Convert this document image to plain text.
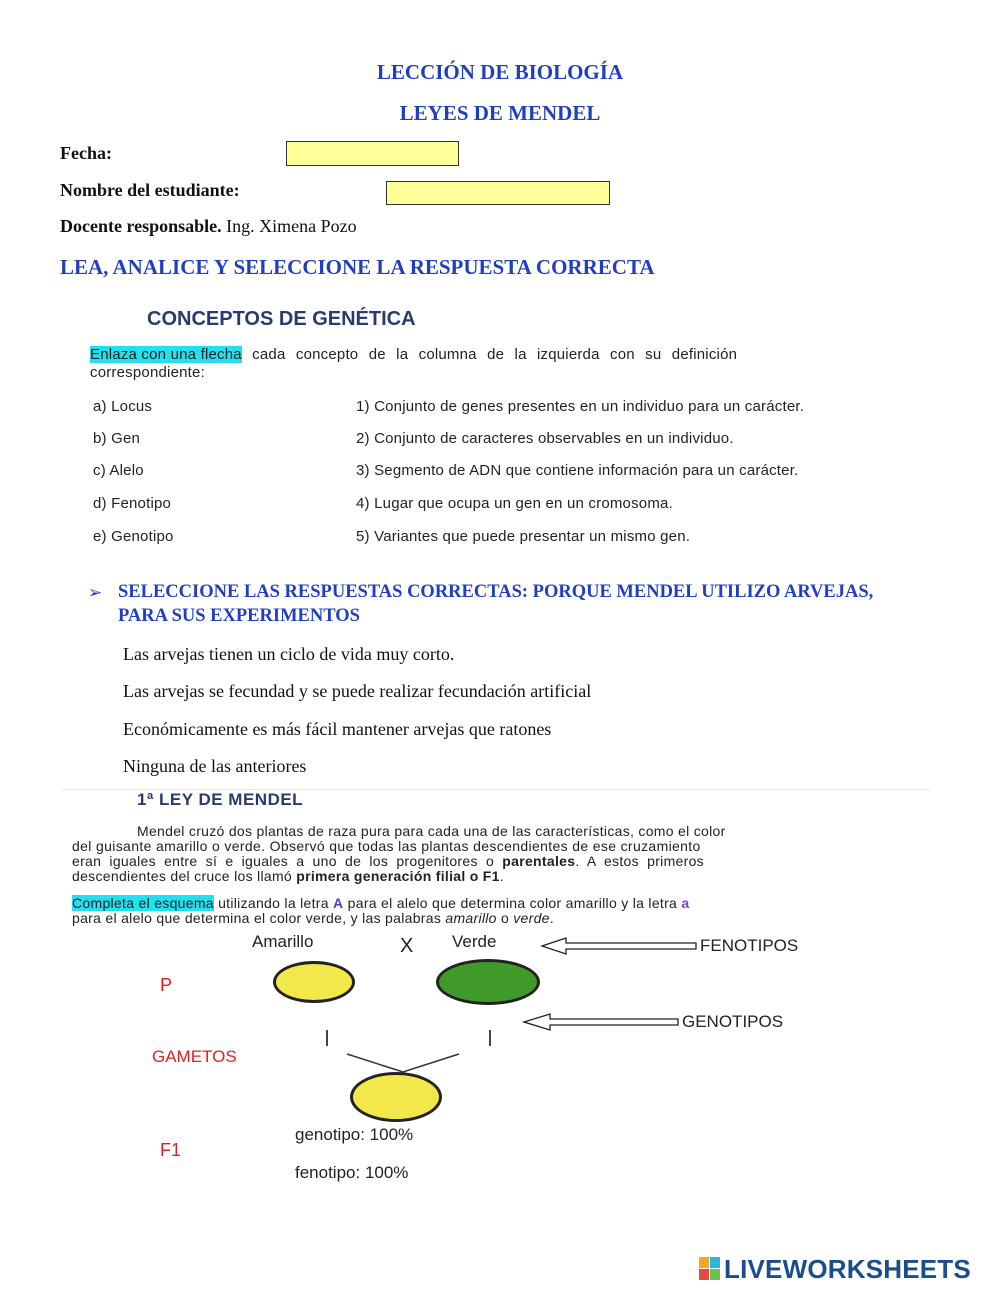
LECCIÓN DE BIOLOGÍA
LEYES DE MENDEL
Fecha:
Nombre del estudiante:
Docente responsable. Ing. Ximena Pozo
LEA, ANALICE Y SELECCIONE LA RESPUESTA CORRECTA
CONCEPTOS DE GENÉTICA
Enlaza con una flecha cada concepto de la columna de la izquierda con su definición
correspondiente:
a) Locus
b) Gen
c) Alelo
d) Fenotipo
e) Genotipo
1) Conjunto de genes presentes en un individuo para un carácter.
2) Conjunto de caracteres observables en un individuo.
3) Segmento de ADN que contiene información para un carácter.
4) Lugar que ocupa un gen en un cromosoma.
5) Variantes que puede presentar un mismo gen.
➢ SELECCIONE LAS RESPUESTAS CORRECTAS: PORQUE MENDEL UTILIZO ARVEJAS,
PARA SUS EXPERIMENTOS
Las arvejas tienen un ciclo de vida muy corto.
Las arvejas se fecundad y se puede realizar fecundación artificial
Económicamente es más fácil mantener arvejas que ratones
Ninguna de las anteriores
1ª LEY DE MENDEL
Mendel cruzó dos plantas de raza pura para cada una de las características, como el color
del guisante amarillo o verde. Observó que todas las plantas descendientes de ese cruzamiento
eran iguales entre sí e iguales a uno de los progenitores o parentales. A estos primeros
descendientes del cruce los llamó primera generación filial o F1.
Completa el esquema utilizando la letra A para el alelo que determina color amarillo y la letra a
para el alelo que determina el color verde, y las palabras amarillo o verde.
Amarillo	X Verde	FENOTIPOS
P
GENOTIPOS
GAMETOS
genotipo: 100%
F1
fenotipo: 100%
LIVEWORKSHEETS
